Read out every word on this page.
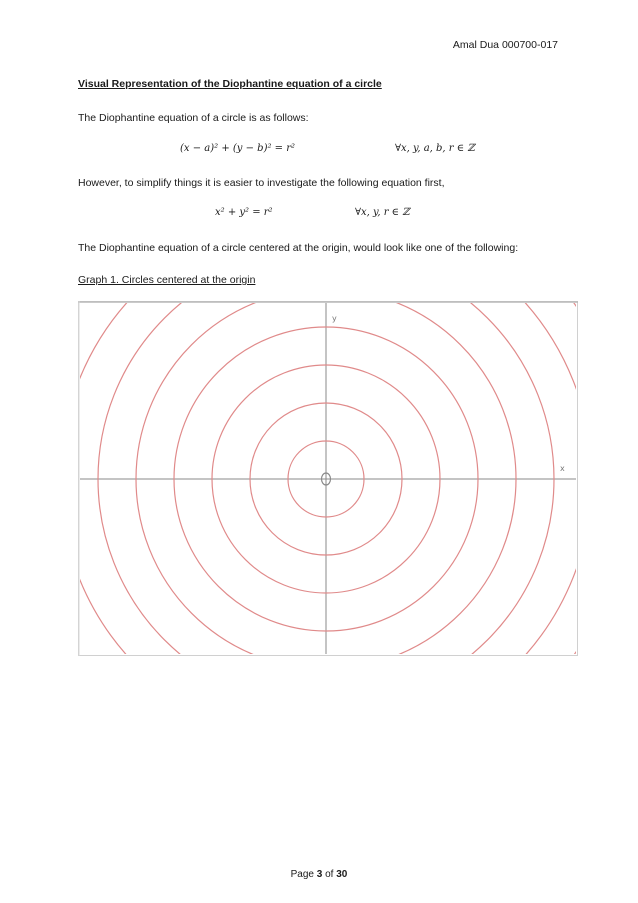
Amal Dua 000700-017
Visual Representation of the Diophantine equation of a circle
The Diophantine equation of a circle is as follows:
(x − a)² + (y − b)² = r²	∀x, y, a, b, r ∈ ℤ
However, to simplify things it is easier to investigate the following equation first,
x² + y² = r²	∀x, y, r ∈ ℤ
The Diophantine equation of a circle centered at the origin, would look like one of the following:
Graph 1. Circles centered at the origin
y
x
Page 3 of 30
